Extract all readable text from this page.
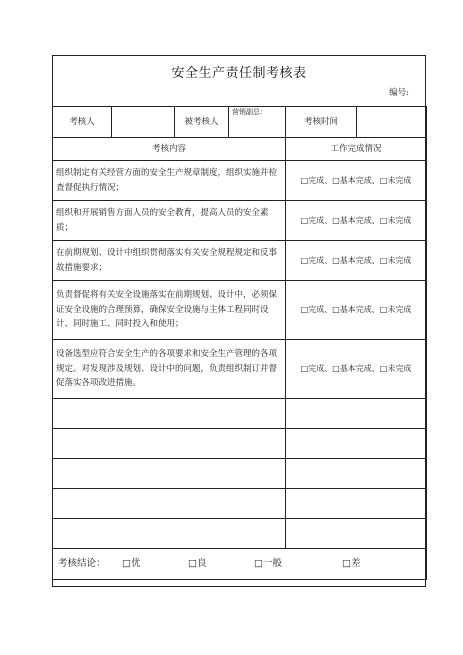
安全生产责任制考核表
编号:
考核人		被考核人	营销副总：	考核时间	
考核内容				工作完成情况	
组织制定有关经营方面的安全生产规章制度，组织实施并检查督促执行情况；				□完成、□基本完成、□未完成	
组织和开展销售方面人员的安全教育，提高人员的安全素质；				□完成、□基本完成、□未完成	
在前期规划、设计中组织贯彻落实有关安全规程规定和反事故措施要求；				□完成、□基本完成、□未完成	
负责督促将有关安全设施落实在前期规划、设计中，必须保证安全设施的合理预算，确保安全设施与主体工程同时设计、同时施工、同时投入和使用；				□完成、□基本完成、□未完成	
设备选型应符合安全生产的各项要求和安全生产管理的各项规定。对发现涉及规划、设计中的问题，负责组织制订并督促落实各项改进措施。				□完成、□基本完成、□未完成	

考核结论： □优 □良 □一般 □差					
